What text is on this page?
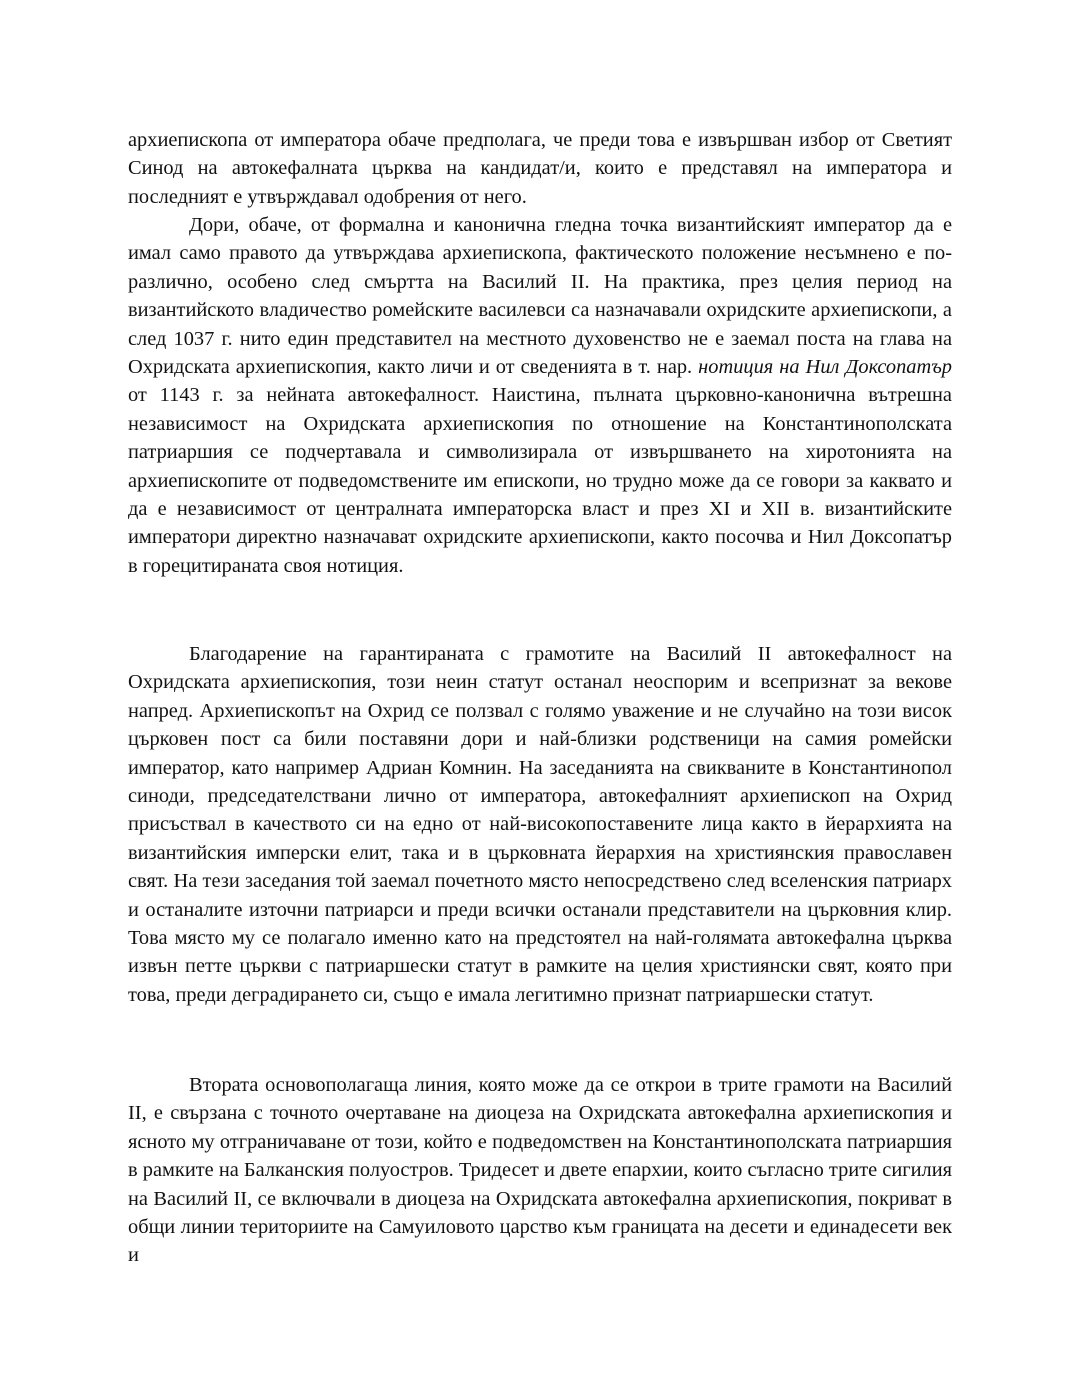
архиепископа от императора обаче предполага, че преди това е извършван избор от Светият Синод на автокефалната църква на кандидат/и, които е представял на императора и последният е утвърждавал одобрения от него.

Дори, обаче, от формална и канонична гледна точка византийският император да е имал само правото да утвърждава архиепископа, фактическото положение несъмнено е по-различно, особено след смъртта на Василий II. На практика, през целия период на византийското владичество ромейските василевси са назначавали охридските архиепископи, а след 1037 г. нито един представител на местното духовенство не е заемал поста на глава на Охридската архиепископия, както личи и от сведенията в т. нар. нотиция на Нил Доксопатър от 1143 г. за нейната автокефалност. Наистина, пълната църковно-канонична вътрешна независимост на Охридската архиепископия по отношение на Константинополската патриаршия се подчертавала и символизирала от извършването на хиротонията на архиепископите от подведомствените им епископи, но трудно може да се говори за каквато и да е независимост от централната императорска власт и през XI и XII в. византийските императори директно назначават охридските архиепископи, както посочва и Нил Доксопатър в горецитираната своя нотиция.

Благодарение на гарантираната с грамотите на Василий II автокефалност на Охридската архиепископия, този неин статут останал неоспорим и всепризнат за векове напред. Архиепископът на Охрид се ползвал с голямо уважение и не случайно на този висок църковен пост са били поставяни дори и най-близки родственици на самия ромейски император, като например Адриан Комнин. На заседанията на свикваните в Константинопол синоди, председателствани лично от императора, автокефалният архиепископ на Охрид присъствал в качеството си на едно от най-високопоставените лица както в йерархията на византийския имперски елит, така и в църковната йерархия на християнския православен свят. На тези заседания той заемал почетното място непосредствено след вселенския патриарх и останалите източни патриарси и преди всички останали представители на църковния клир. Това място му се полагало именно като на предстоятел на най-голямата автокефална църква извън петте църкви с патриаршески статут в рамките на целия християнски свят, която при това, преди деградирането си, също е имала легитимно признат патриаршески статут.

Втората основополагаща линия, която може да се открои в трите грамоти на Василий II, е свързана с точното очертаване на диоцеза на Охридската автокефална архиепископия и ясното му отграничаване от този, който е подведомствен на Константинополската патриаршия в рамките на Балканския полуостров. Тридесет и двете епархии, които съгласно трите сигилия на Василий II, се включвали в диоцеза на Охридската автокефална архиепископия, покриват в общи линии териториите на Самуиловото царство към границата на десети и единадесети век и
